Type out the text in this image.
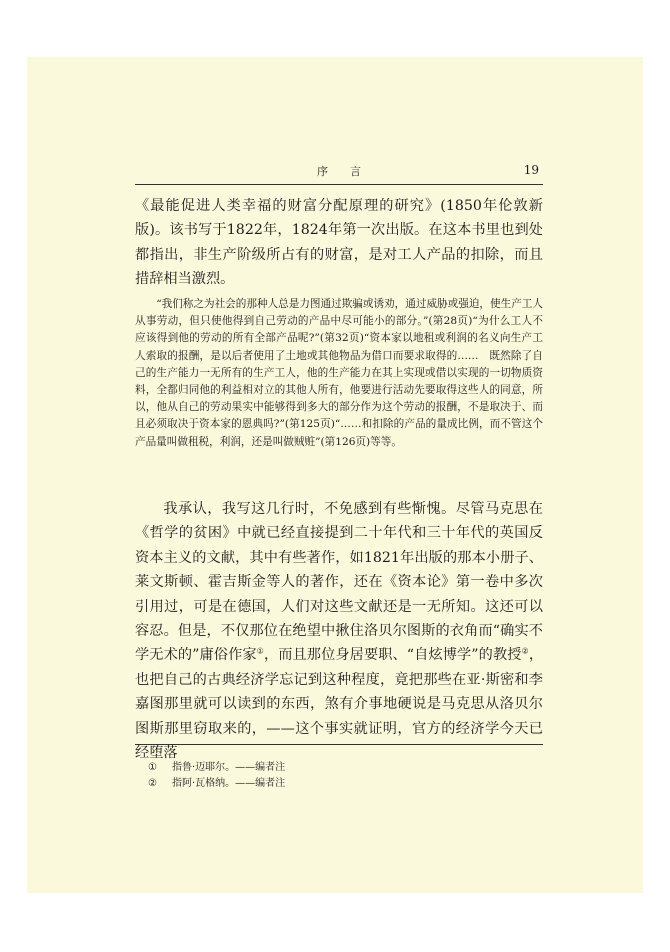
序言	19

《最能促进人类幸福的财富分配原理的研究》(1850年伦敦新版)。该书写于1822年，1824年第一次出版。在这本书里也到处都指出，非生产阶级所占有的财富，是对工人产品的扣除，而且措辞相当激烈。

“我们称之为社会的那种人总是力图通过欺骗或诱劝，通过威胁或强迫，使生产工人从事劳动，但只使他得到自己劳动的产品中尽可能小的部分。”(第28页)“为什么工人不应该得到他的劳动的所有全部产品呢?”(第32页)“资本家以地租或利润的名义向生产工人索取的报酬，是以后者使用了土地或其他物品为借口而要求取得的……　既然除了自己的生产能力一无所有的生产工人，他的生产能力在其上实现或借以实现的一切物质资料，全都归同他的利益相对立的其他人所有，他要进行活动先要取得这些人的同意，所以，他从自己的劳动果实中能够得到多大的部分作为这个劳动的报酬，不是取决于、而且必须取决于资本家的恩典吗?”(第125页)“……和扣除的产品的量成比例，而不管这个产品量叫做租税，利润，还是叫做贼赃”(第126页)等等。

我承认，我写这几行时，不免感到有些惭愧。尽管马克思在《哲学的贫困》中就已经直接提到二十年代和三十年代的英国反资本主义的文献，其中有些著作，如1821年出版的那本小册子、莱文斯顿、霍吉斯金等人的著作，还在《资本论》第一卷中多次引用过，可是在德国，人们对这些文献还是一无所知。这还可以容忍。但是，不仅那位在绝望中揪住洛贝尔图斯的衣角而“确实不学无术的”庸俗作家①，而且那位身居要职、“自炫博学”的教授②，也把自己的古典经济学忘记到这种程度，竟把那些在亚·斯密和李嘉图那里就可以读到的东西，煞有介事地硬说是马克思从洛贝尔图斯那里窃取来的，——这个事实就证明，官方的经济学今天已经堕落

① 指鲁·迈耶尔。——编者注
② 指阿·瓦格纳。——编者注
